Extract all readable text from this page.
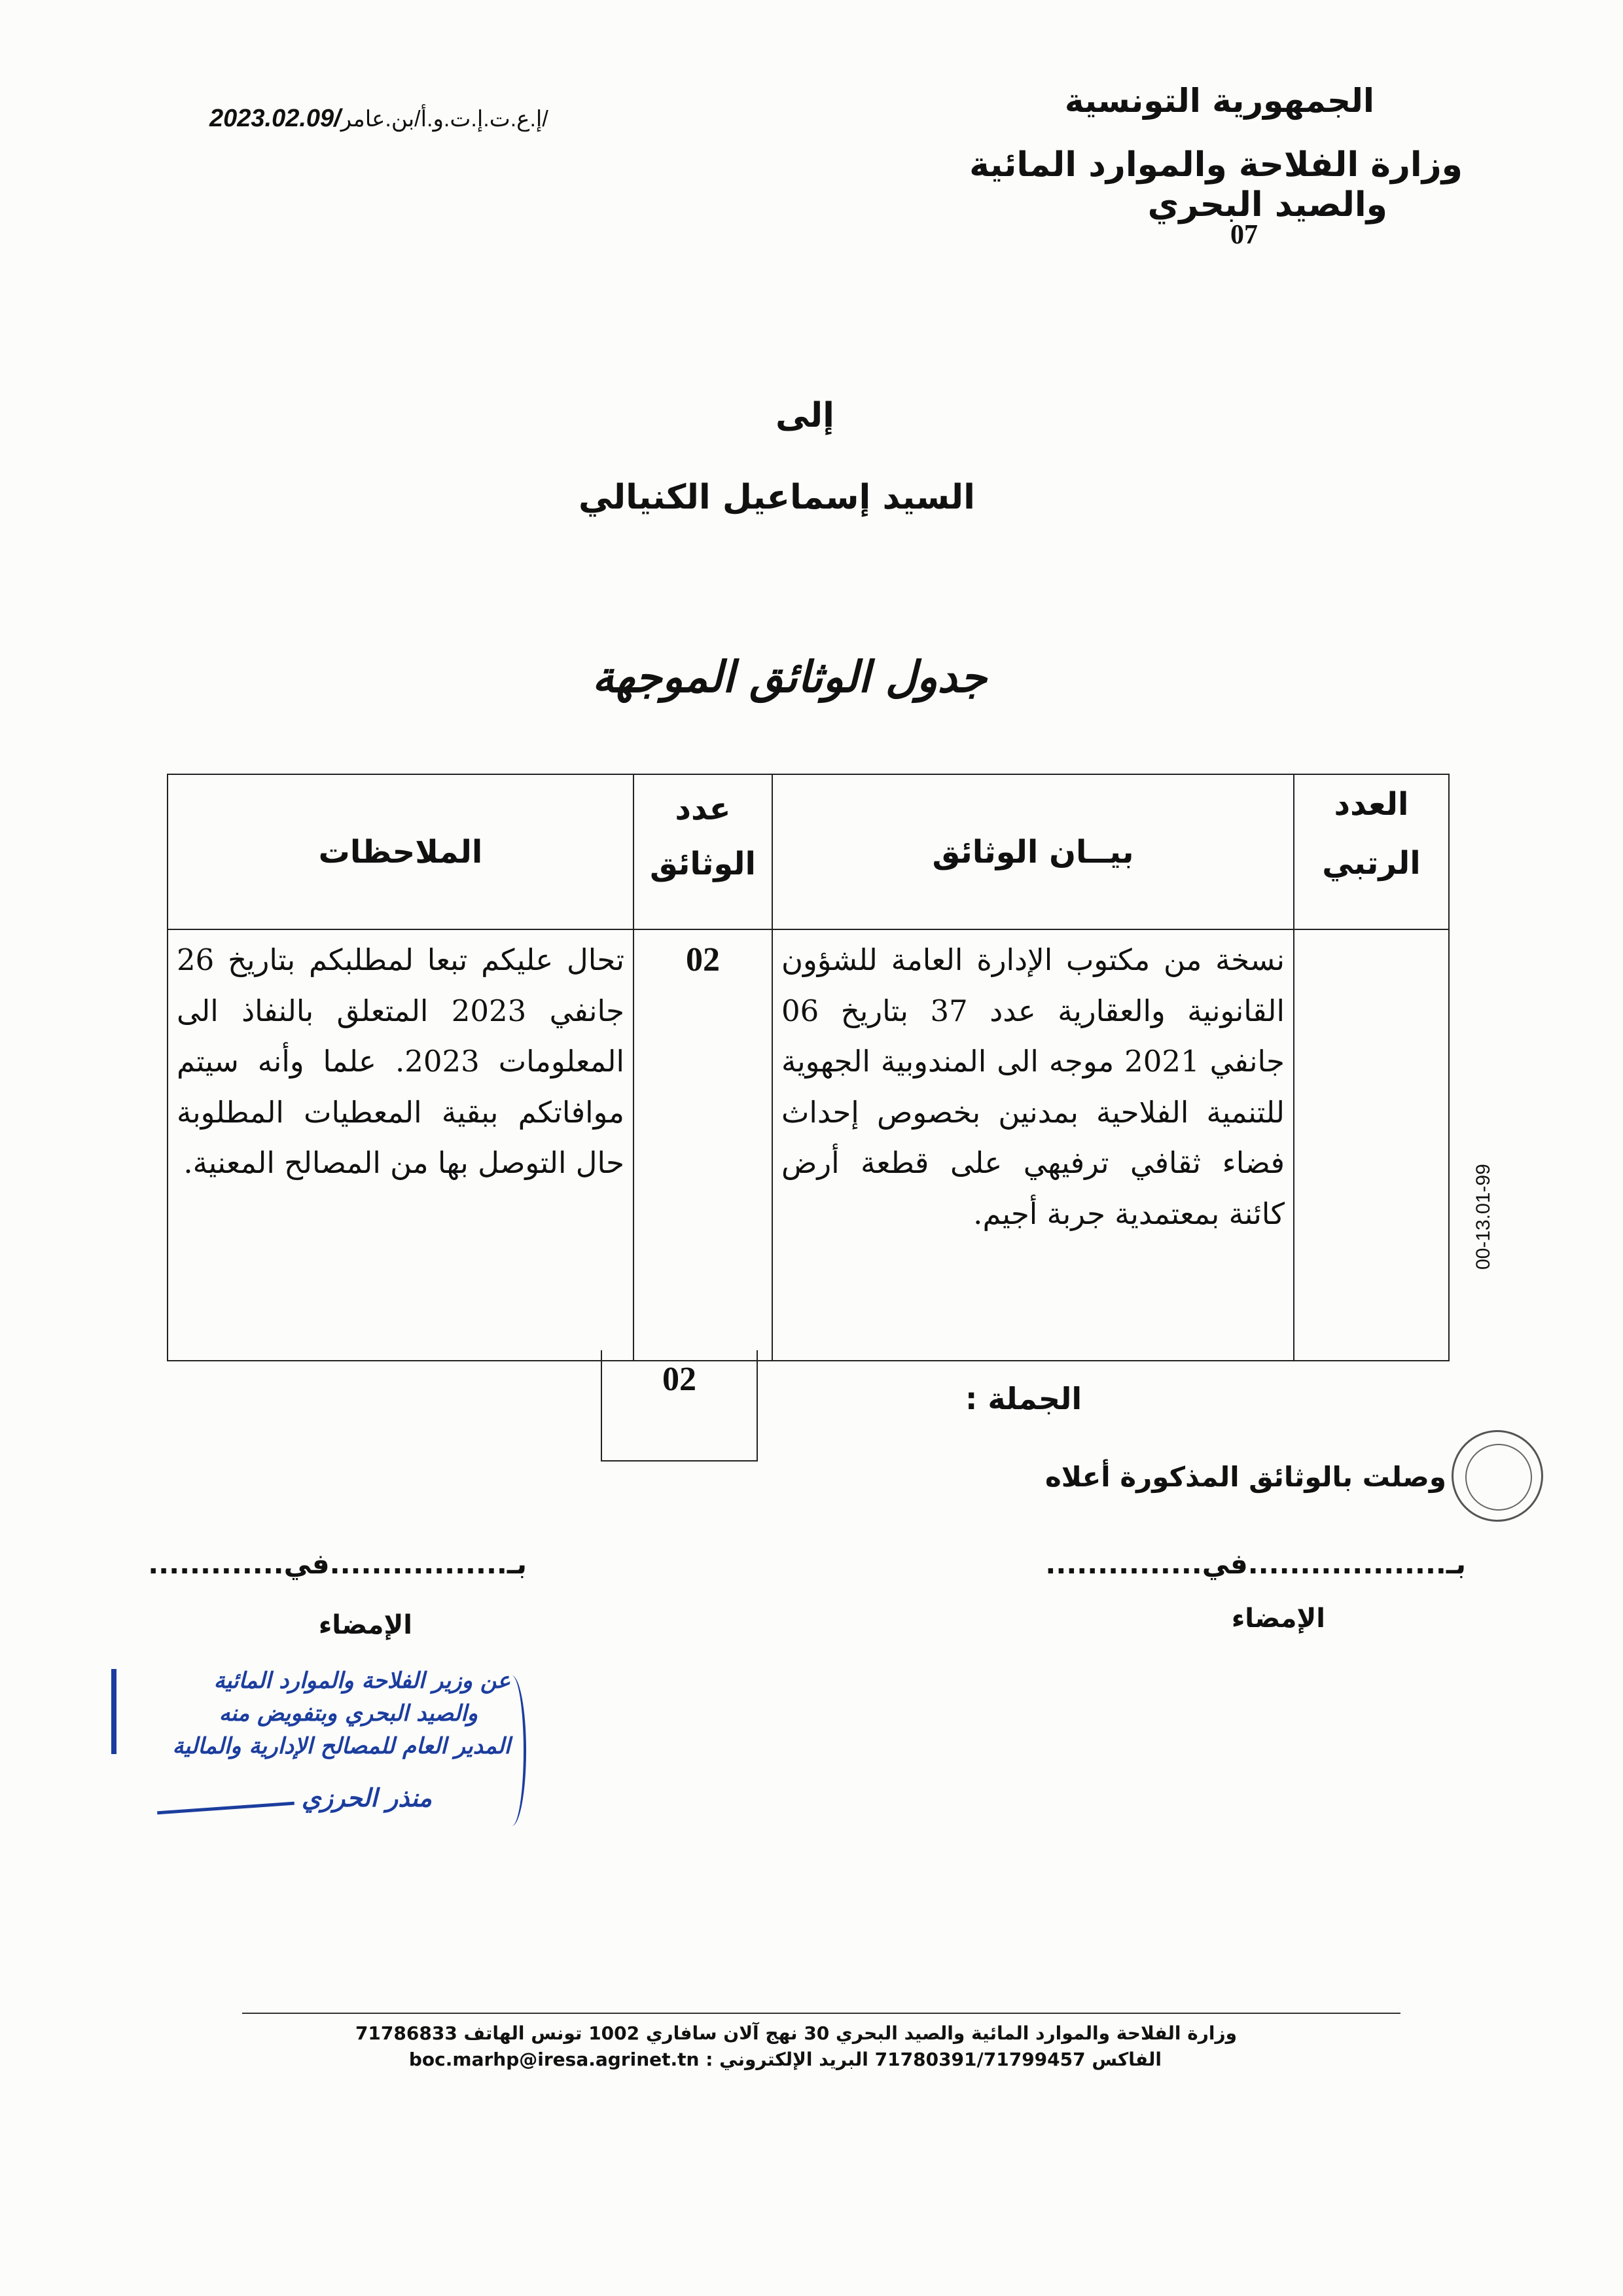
الجمهورية التونسية
وزارة الفلاحة والموارد المائية
والصيد البحري
07
2023.02.09/إ.ع.ت.إ.ت.و.أ/بن.عامر/
إلى
السيد إسماعيل الكنيالي
جدول الوثائق الموجهة
العدد الرتبي	بيــان الوثائق	عدد الوثائق	الملاحظات

	نسخة من مكتوب الإدارة العامة للشؤون القانونية والعقارية عدد 37 بتاريخ 06 جانفي 2021 موجه الى المندوبية الجهوية للتنمية الفلاحية بمدنين بخصوص إحداث فضاء ثقافي ترفيهي على قطعة أرض كائنة بمعتمدية جربة أجيم.	02	تحال عليكم تبعا لمطلبكم بتاريخ 26 جانفي 2023 المتعلق بالنفاذ الى المعلومات 2023. علما وأنه سيتم موافاتكم ببقية المعطيات المطلوبة حال التوصل بها من المصالح المعنية.
02
الجملة :
00-13.01-99
وصلت بالوثائق المذكورة أعلاه
بـ...................في...............
الإمضاء
بـ.................في.............
الإمضاء
عن وزير الفلاحة والموارد المائية
والصيد البحري وبتفويض منه
المدير العام للمصالح الإدارية والمالية
منذر الحرزي
وزارة الفلاحة والموارد المائية والصيد البحري 30 نهج آلان سافاري 1002 تونس الهاتف 71786833
الفاكس 71780391/71799457 البريد الإلكتروني : boc.marhp@iresa.agrinet.tn
